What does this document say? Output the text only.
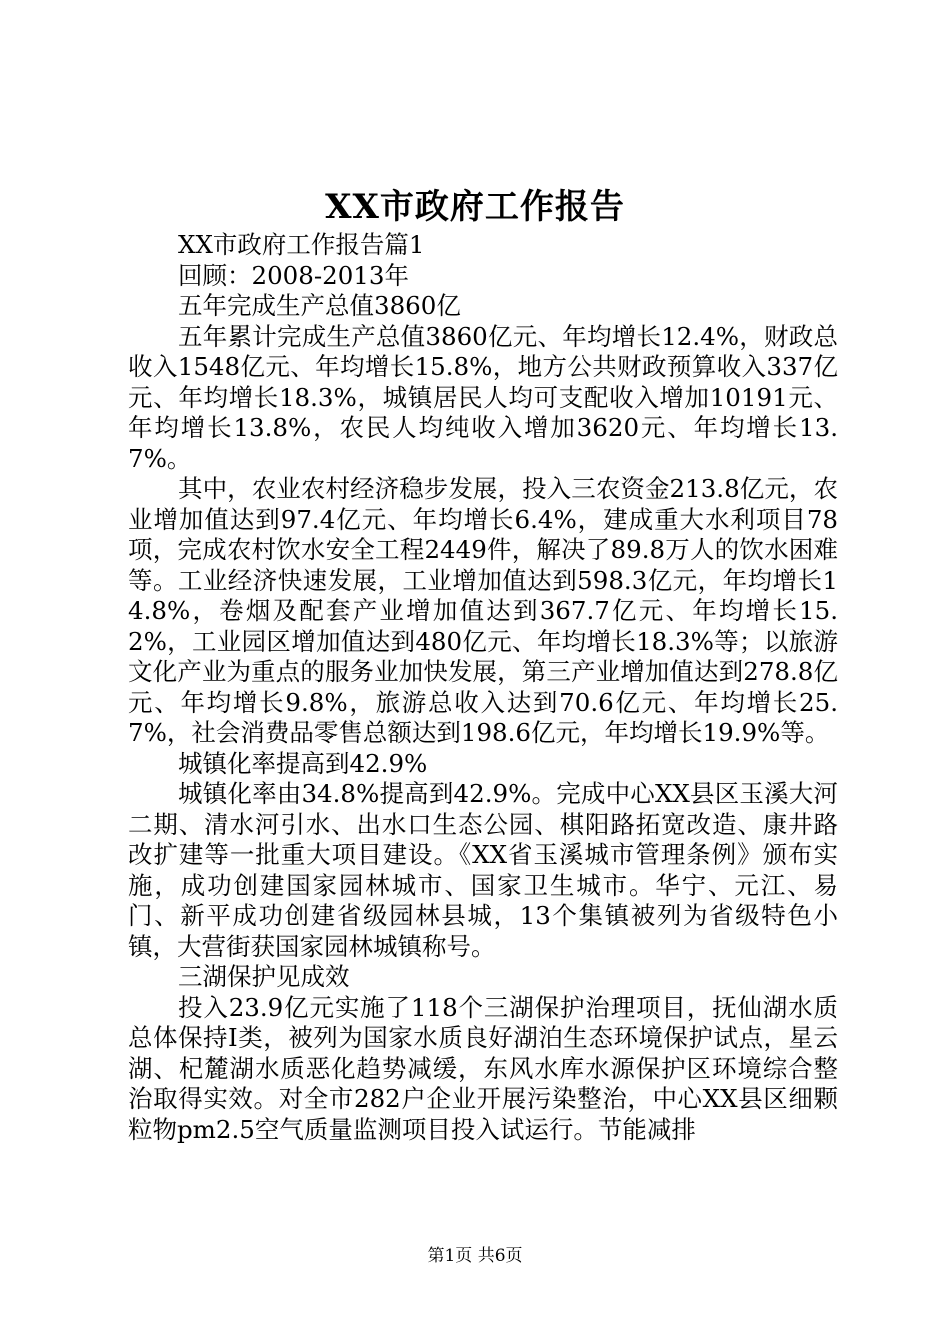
XX市政府工作报告
XX市政府工作报告篇1
回顾：2008-2013年
五年完成生产总值3860亿

五年累计完成生产总值3860亿元、年均增长12.4%，财政总收入1548亿元、年均增长15.8%，地方公共财政预算收入337亿元、年均增长18.3%，城镇居民人均可支配收入增加10191元、年均增长13.8%，农民人均纯收入增加3620元、年均增长13.7%。

其中，农业农村经济稳步发展，投入三农资金213.8亿元，农业增加值达到97.4亿元、年均增长6.4%，建成重大水利项目78项，完成农村饮水安全工程2449件，解决了89.8万人的饮水困难等。工业经济快速发展，工业增加值达到598.3亿元，年均增长14.8%，卷烟及配套产业增加值达到367.7亿元、年均增长15.2%，工业园区增加值达到480亿元、年均增长18.3%等；以旅游文化产业为重点的服务业加快发展，第三产业增加值达到278.8亿元、年均增长9.8%，旅游总收入达到70.6亿元、年均增长25.7%，社会消费品零售总额达到198.6亿元，年均增长19.9%等。

城镇化率提高到42.9%

城镇化率由34.8%提高到42.9%。完成中心XX县区玉溪大河二期、清水河引水、出水口生态公园、棋阳路拓宽改造、康井路改扩建等一批重大项目建设。《XX省玉溪城市管理条例》颁布实施，成功创建国家园林城市、国家卫生城市。华宁、元江、易门、新平成功创建省级园林县城，13个集镇被列为省级特色小镇，大营街获国家园林城镇称号。

三湖保护见成效

投入23.9亿元实施了118个三湖保护治理项目，抚仙湖水质总体保持Ⅰ类，被列为国家水质良好湖泊生态环境保护试点，星云湖、杞麓湖水质恶化趋势减缓，东风水库水源保护区环境综合整治取得实效。对全市282户企业开展污染整治，中心XX县区细颗粒物pm2.5空气质量监测项目投入试运行。节能减排

第1页 共6页
